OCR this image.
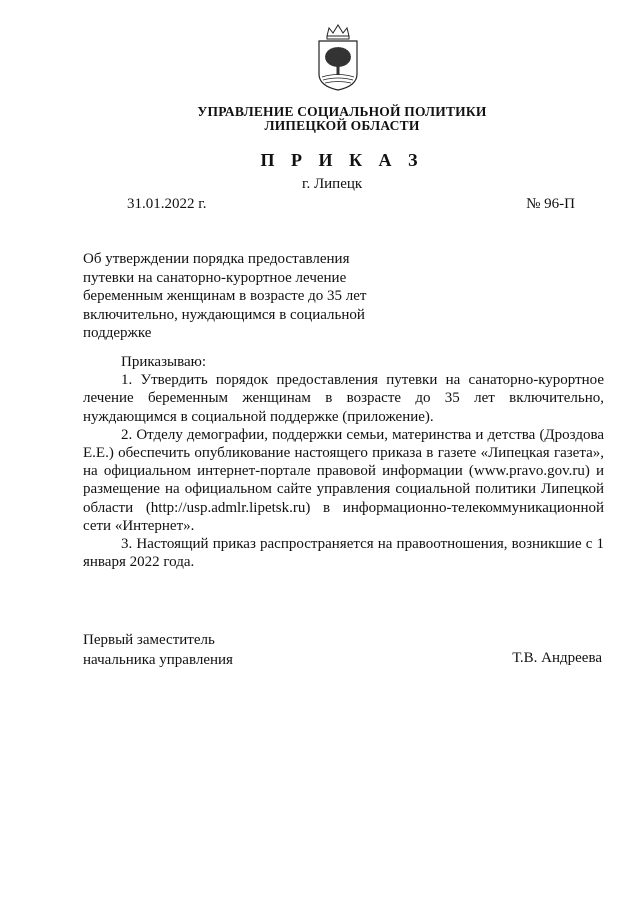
УПРАВЛЕНИЕ СОЦИАЛЬНОЙ ПОЛИТИКИ
ЛИПЕЦКОЙ ОБЛАСТИ
П Р И К А З
г. Липецк
31.01.2022 г.	№ 96-П
Об утверждении порядка предоставления путевки на санаторно-курортное лечение беременным женщинам в возрасте до 35 лет включительно, нуждающимся в социальной поддержке

Приказываю:

1. Утвердить порядок предоставления путевки на санаторно-курортное лечение беременным женщинам в возрасте до 35 лет включительно, нуждающимся в социальной поддержке (приложение).

2. Отделу демографии, поддержки семьи, материнства и детства (Дроздова Е.Е.) обеспечить опубликование настоящего приказа в газете «Липецкая газета», на официальном интернет-портале правовой информации (www.pravo.gov.ru) и размещение на официальном сайте управления социальной политики Липецкой области (http://usp.admlr.lipetsk.ru) в информационно-телекоммуникационной сети «Интернет».

3. Настоящий приказ распространяется на правоотношения, возникшие с 1 января 2022 года.

Первый заместитель
начальника управления	Т.В. Андреева
